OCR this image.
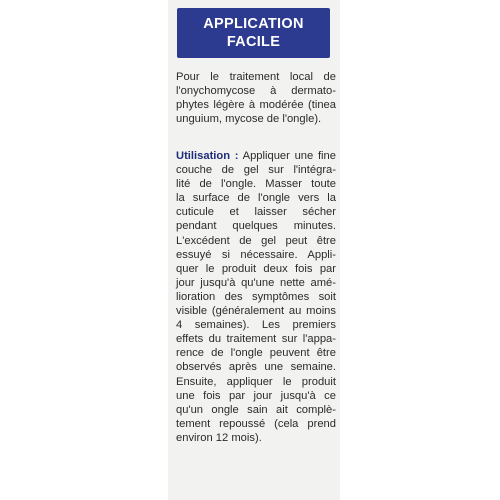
APPLICATION
FACILE
Pour le traitement local de
l'onychomycose à dermato-
phytes légère à modérée (tinea
unguium, mycose de l'ongle).
Utilisation : Appliquer une fine
couche de gel sur l'intégra-
lité de l'ongle. Masser toute
la surface de l'ongle vers la
cuticule et laisser sécher
pendant quelques minutes.
L'excédent de gel peut être
essuyé si nécessaire. Appli-
quer le produit deux fois par
jour jusqu'à qu'une nette amé-
lioration des symptômes soit
visible (généralement au moins
4 semaines). Les premiers
effets du traitement sur l'appa-
rence de l'ongle peuvent être
observés après une semaine.
Ensuite, appliquer le produit
une fois par jour jusqu'à ce
qu'un ongle sain ait complè-
tement repoussé (cela prend
environ 12 mois).
